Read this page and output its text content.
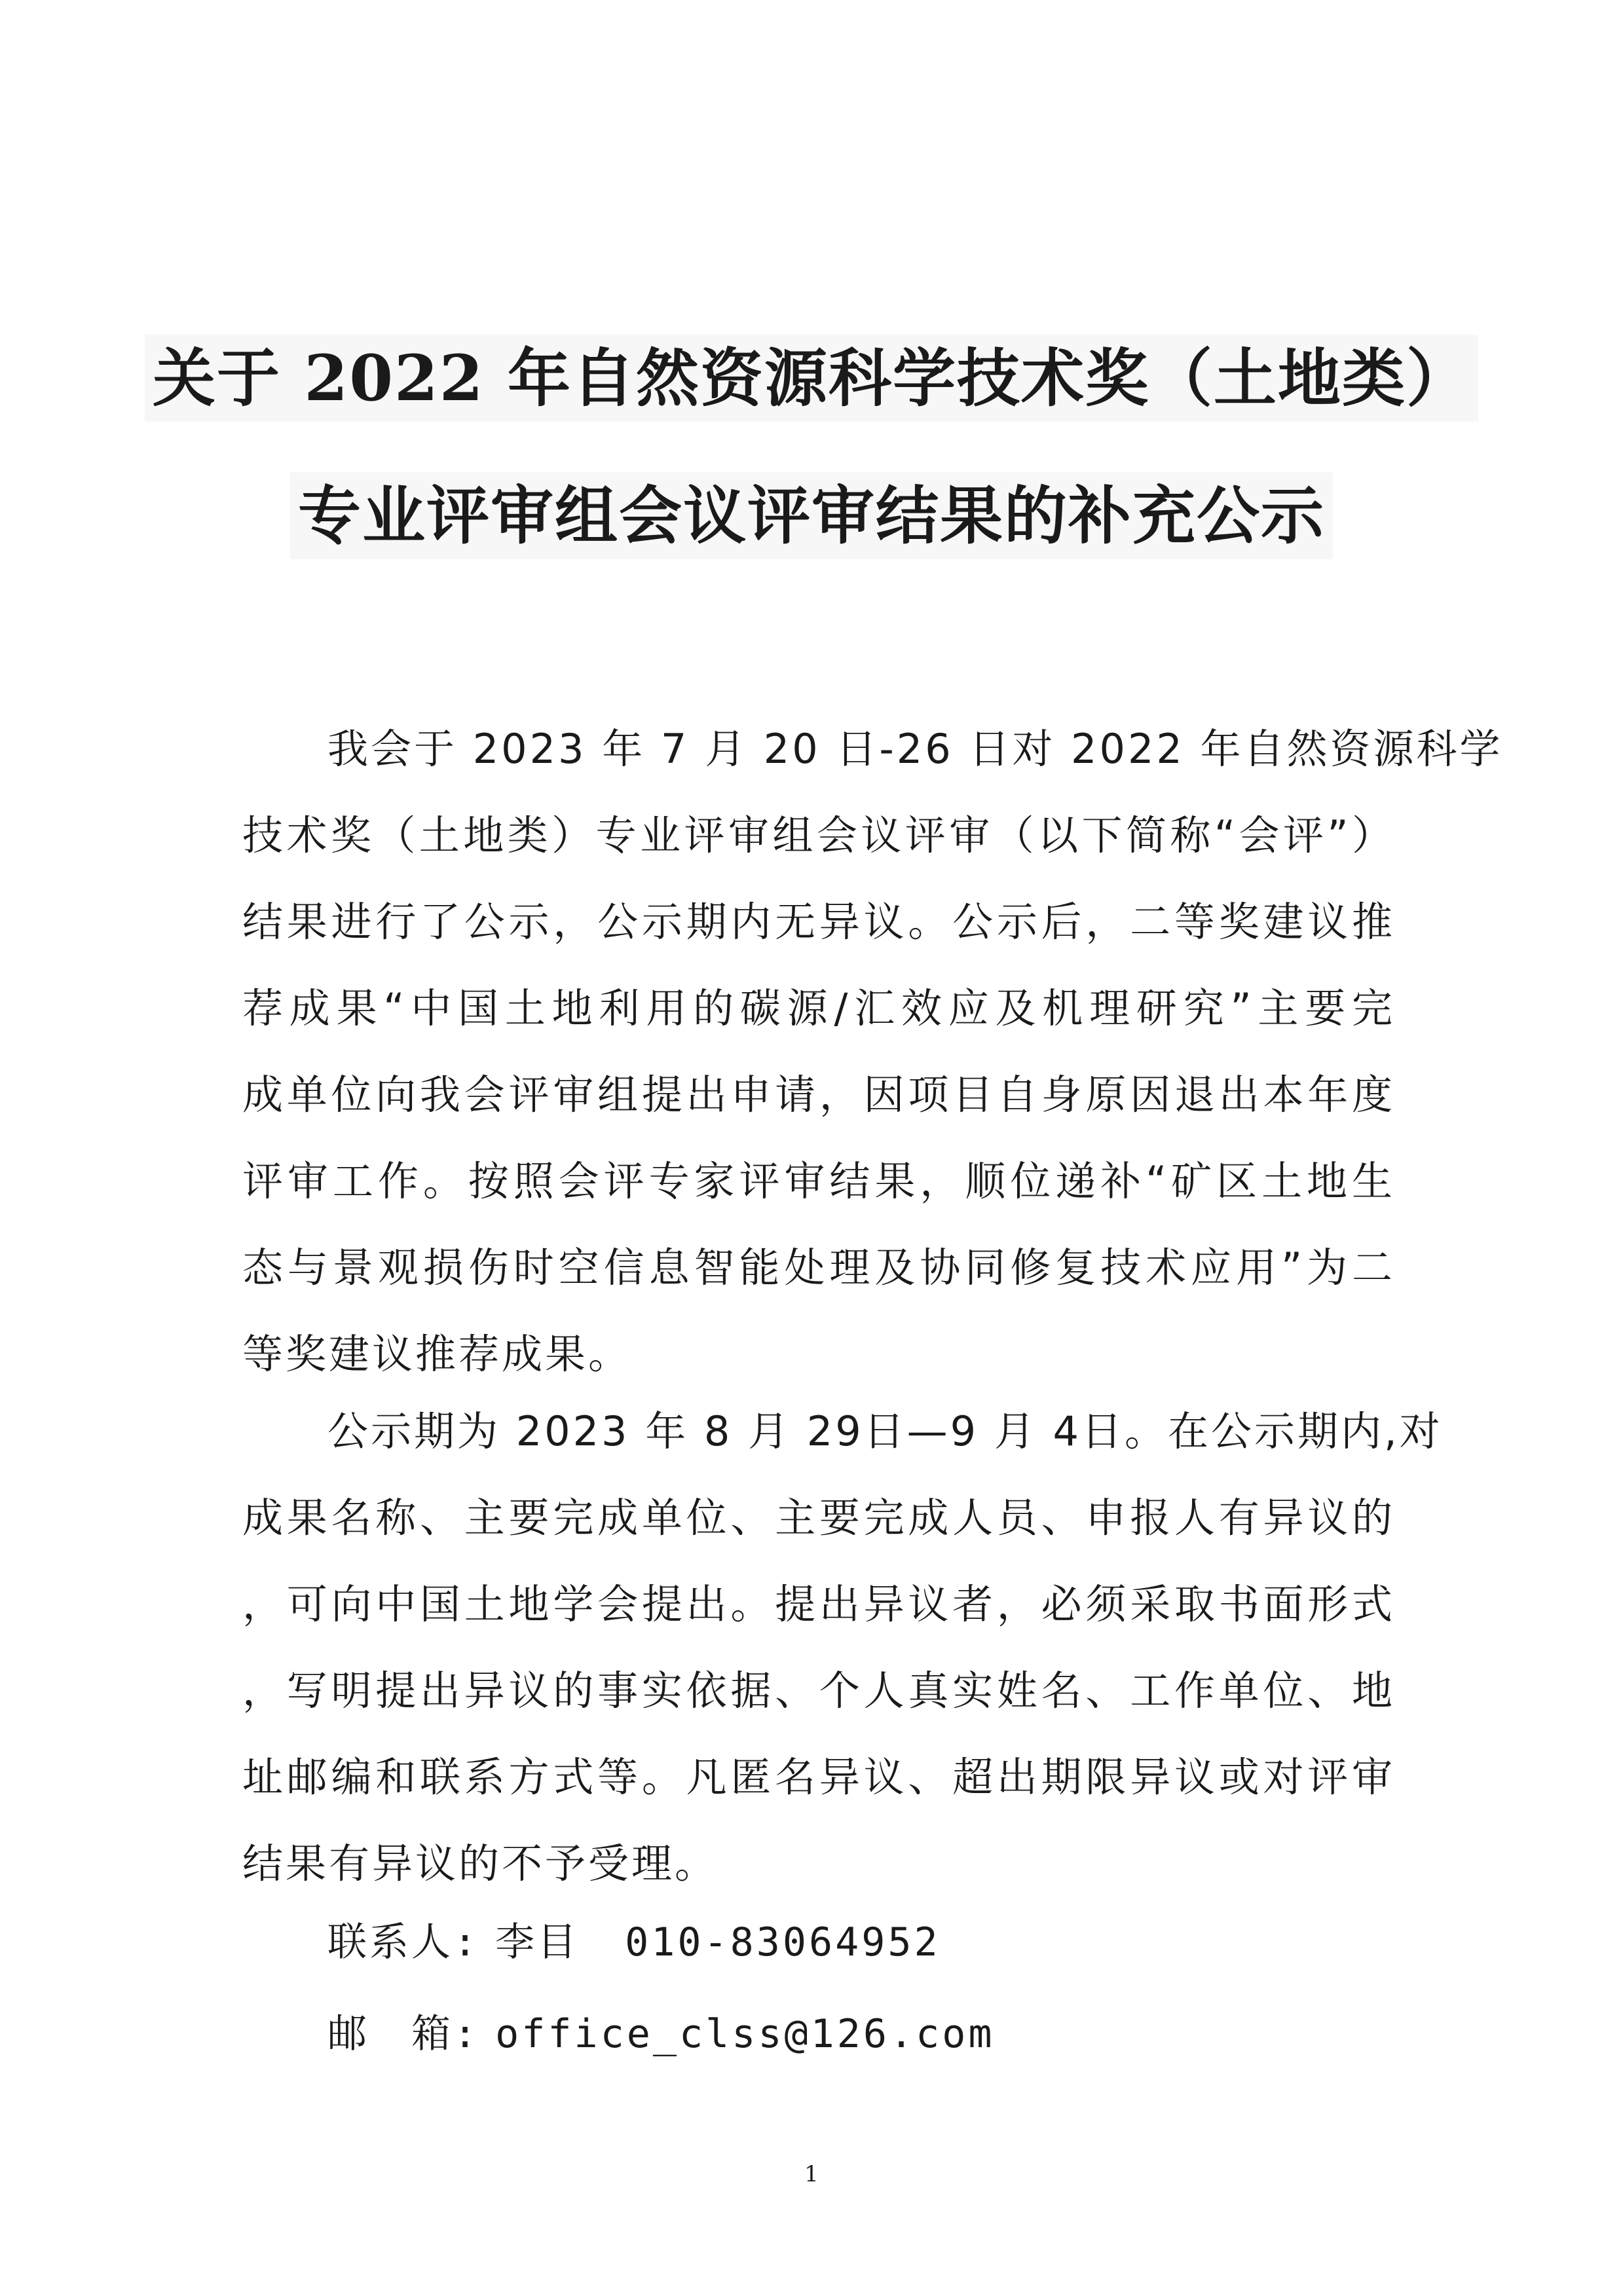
关于 2022 年自然资源科学技术奖（土地类）
专业评审组会议评审结果的补充公示
我会于 2023 年 7 月 20 日-26 日对 2022 年自然资源科学
技术奖（土地类）专业评审组会议评审（以下简称“会评”）
结果进行了公示，公示期内无异议。公示后，二等奖建议推
荐成果“中国土地利用的碳源/汇效应及机理研究”主要完
成单位向我会评审组提出申请，因项目自身原因退出本年度
评审工作。按照会评专家评审结果，顺位递补“矿区土地生
态与景观损伤时空信息智能处理及协同修复技术应用”为二
等奖建议推荐成果。
公示期为 2023 年 8 月 29日—9 月 4日。在公示期内,对
成果名称、主要完成单位、主要完成人员、申报人有异议的
，可向中国土地学会提出。提出异议者，必须采取书面形式
，写明提出异议的事实依据、个人真实姓名、工作单位、地
址邮编和联系方式等。凡匿名异议、超出期限异议或对评审
结果有异议的不予受理。
联系人: 李目 010-83064952
邮　箱: office_clss@126.com
1
